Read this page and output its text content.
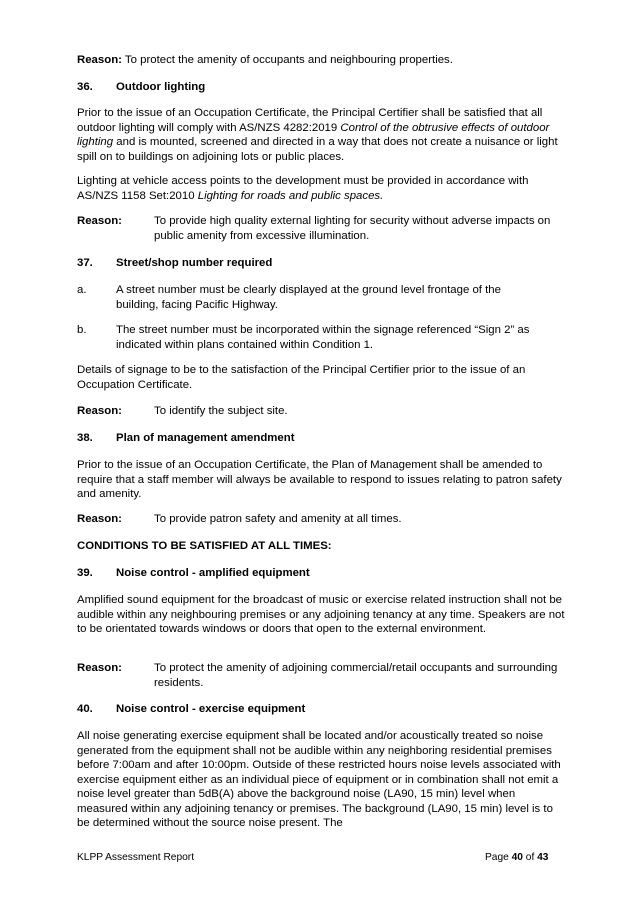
Reason: To protect the amenity of occupants and neighbouring properties.

36. Outdoor lighting

Prior to the issue of an Occupation Certificate, the Principal Certifier shall be satisfied that all outdoor lighting will comply with AS/NZS 4282:2019 Control of the obtrusive effects of outdoor lighting and is mounted, screened and directed in a way that does not create a nuisance or light spill on to buildings on adjoining lots or public places.

Lighting at vehicle access points to the development must be provided in accordance with AS/NZS 1158 Set:2010 Lighting for roads and public spaces.

Reason:	To provide high quality external lighting for security without adverse impacts on public amenity from excessive illumination.
37. Street/shop number required
a.	A street number must be clearly displayed at the ground level frontage of the building, facing Pacific Highway.
b.	The street number must be incorporated within the signage referenced “Sign 2” as indicated within plans contained within Condition 1.

Details of signage to be to the satisfaction of the Principal Certifier prior to the issue of an Occupation Certificate.

Reason:	To identify the subject site.
38. Plan of management amendment

Prior to the issue of an Occupation Certificate, the Plan of Management shall be amended to require that a staff member will always be available to respond to issues relating to patron safety and amenity.

Reason:	To provide patron safety and amenity at all times.
CONDITIONS TO BE SATISFIED AT ALL TIMES:
39. Noise control - amplified equipment

Amplified sound equipment for the broadcast of music or exercise related instruction shall not be audible within any neighbouring premises or any adjoining tenancy at any time. Speakers are not to be orientated towards windows or doors that open to the external environment.

Reason:	To protect the amenity of adjoining commercial/retail occupants and surrounding residents.
40. Noise control - exercise equipment

All noise generating exercise equipment shall be located and/or acoustically treated so noise generated from the equipment shall not be audible within any neighboring residential premises before 7:00am and after 10:00pm. Outside of these restricted hours noise levels associated with exercise equipment either as an individual piece of equipment or in combination shall not emit a noise level greater than 5dB(A) above the background noise (LA90, 15 min) level when measured within any adjoining tenancy or premises. The background (LA90, 15 min) level is to be determined without the source noise present. The

KLPP Assessment Report	Page 40 of 43
